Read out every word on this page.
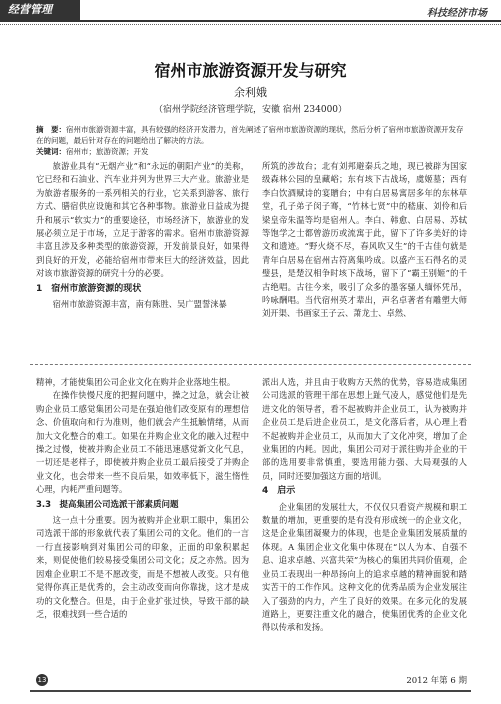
经营管理	科技经济市场
宿州市旅游资源开发与研究
余利娥
（宿州学院经济管理学院，安徽 宿州 234000）
摘　要：宿州市旅游资源丰富，具有较强的经济开发潜力，首先阐述了宿州市旅游资源的现状，然后分析了宿州市旅游资源开发存在的问题，最后针对存在的问题给出了解决的方法。
关键词：宿州市；旅游资源；开发

旅游业具有“无烟产业”和“永远的朝阳产业”的美称，它已经和石油业、汽车业并列为世界三大产业。旅游业是为旅游者服务的一系列相关的行业，它关系到游客、旅行方式、膳宿供应设施和其它各种事物。旅游业日益成为提升和展示“软实力”的重要途径，市场经济下，旅游业的发展必须立足于市场，立足于游客的需求。宿州市旅游资源丰富且涉及多种类型的旅游资源，开发前景良好，如果得到良好的开发，必能给宿州市带来巨大的经济效益，因此对该市旅游资源的研究十分的必要。

1　宿州市旅游资源的现状

宿州市旅游资源丰富，南有陈胜、吴广盟誓涞暴

所筑的涉故台；北有刘邦避秦兵之地，现已被辟为国家级森林公园的皇藏峪；东有垓下古战场，虞姬墓；西有李白饮酒赋诗的宴贈台；中有白居易寓居多年的东林草堂，孔子弟子闵子骞，“竹林七贤”中的嵇康、刘伶和后梁皇帝朱温等均是宿州人。李白、韩愈、白居易、苏轼等饱学之士都曾游历或流寓于此，留下了许多美好的诗文和遗迹。“野火烧不尽，春风吹又生”的千古佳句就是青年白居易在宿州古符离集吟成。以盛产玉石得名的灵璧县，是楚汉相争时垓下战场，留下了“霸王别姬”的千古绝唱。古往今来，吸引了众多的墨客骚人缅怀凭吊，吟咏酬唱。当代宿州英才辈出，声名卓著者有雕塑大师刘开渠、书画家王子云、萧龙士、卓然、

精神，才能使集团公司企业文化在购并企业落地生根。

在操作快慢尺度的把握问题中，操之过急，就会让被购企业员工感觉集团公司是在强迫他们改变原有的理想信念、价值取向和行为准则，他们就会产生抵触情绪，从而加大文化整合的难工。如果在并购企业文化的融入过程中操之过慢，使被并购企业员工不能迅速感觉新文化气息，一切还是老样子，即使被并购企业员工最后接受了并购企业文化，也会带来一些不良后果，如效率低下，滋生惰性心理，内耗严重问题等。

3.3　提高集团公司选派干部素质问题

这一点十分重要。因为被购并企业职工眼中，集团公司选派干部的形象就代表了集团公司的文化。他们的一言一行直接影响到对集团公司的印象，正面的印象积累起来，则促使他们较易接受集团公司文化；反之亦然。因为因难企业职工不是不愿改变，而是不想被人改变。只有他觉得你真正是优秀的，会主动改变而向你靠拢，这才是成功的文化整合。但是，由于企业扩张过快，导致干部的缺乏，很难找到一些合适的

派出人选，并且由于收购方天然的优势，容易造成集团公司选派的管理干部在思想上趾气凌人，感觉他们是先进文化的领导者，看不起被购并企业员工，认为被购并企业员工是后进企业员工，是文化落后者，从心理上看不起被购并企业员工，从而加大了文化冲突，增加了企业集团的内耗。因此，集团公司对于派往购并企业的干部的选用要非常慎重，要选用能力强、大局观强的人员，同时还要加强这方面的培训。

4　启示

企业集团的发展壮大，不仅仅只看资产规模和职工数量的增加，更重要的是有没有形成统一的企业文化，这是企业集团凝聚力的体现，也是企业集团发展质量的体现。A 集团企业文化集中体现在“以人为本、自强不息、追求卓越、兴富共荣”为核心的集团共同价值观，企业员工表现出一种昂扬向上的追求卓越的精神面貌和踏实苦干的工作作风。这种文化的优秀品质为企业发展注入了强劲的内力，产生了良好的效果。在多元化的发展道路上，更要注重文化的融合，使集团优秀的企业文化得以传承和发扬。

13	2012 年第 6 期
